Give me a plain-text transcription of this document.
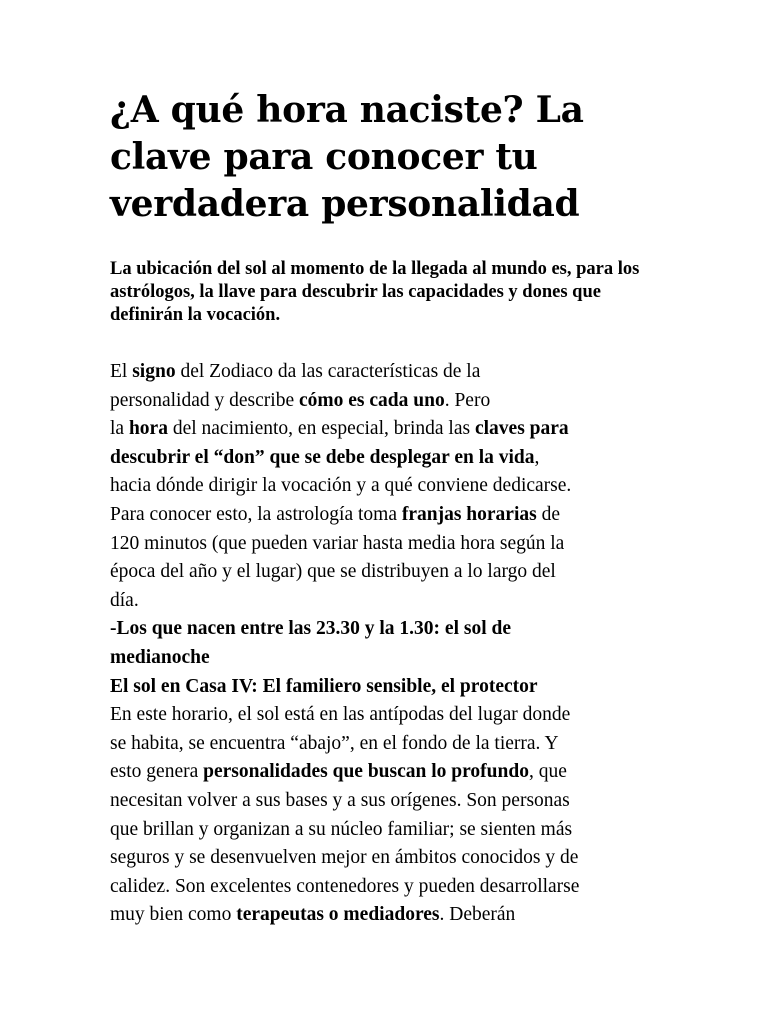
¿A qué hora naciste? La clave para conocer tu verdadera personalidad

La ubicación del sol al momento de la llegada al mundo es, para los astrólogos, la llave para descubrir las capacidades y dones que definirán la vocación.

El signo del Zodiaco da las características de la
personalidad y describe cómo es cada uno. Pero
la hora del nacimiento, en especial, brinda las claves para
descubrir el “don” que se debe desplegar en la vida,
hacia dónde dirigir la vocación y a qué conviene dedicarse.
Para conocer esto, la astrología toma franjas horarias de
120 minutos (que pueden variar hasta media hora según la
época del año y el lugar) que se distribuyen a lo largo del
día.
-Los que nacen entre las 23.30 y la 1.30: el sol de
medianoche
El sol en Casa IV: El familiero sensible, el protector
En este horario, el sol está en las antípodas del lugar donde
se habita, se encuentra “abajo”, en el fondo de la tierra. Y
esto genera personalidades que buscan lo profundo, que
necesitan volver a sus bases y a sus orígenes. Son personas
que brillan y organizan a su núcleo familiar; se sienten más
seguros y se desenvuelven mejor en ámbitos conocidos y de
calidez. Son excelentes contenedores y pueden desarrollarse
muy bien como terapeutas o mediadores. Deberán
